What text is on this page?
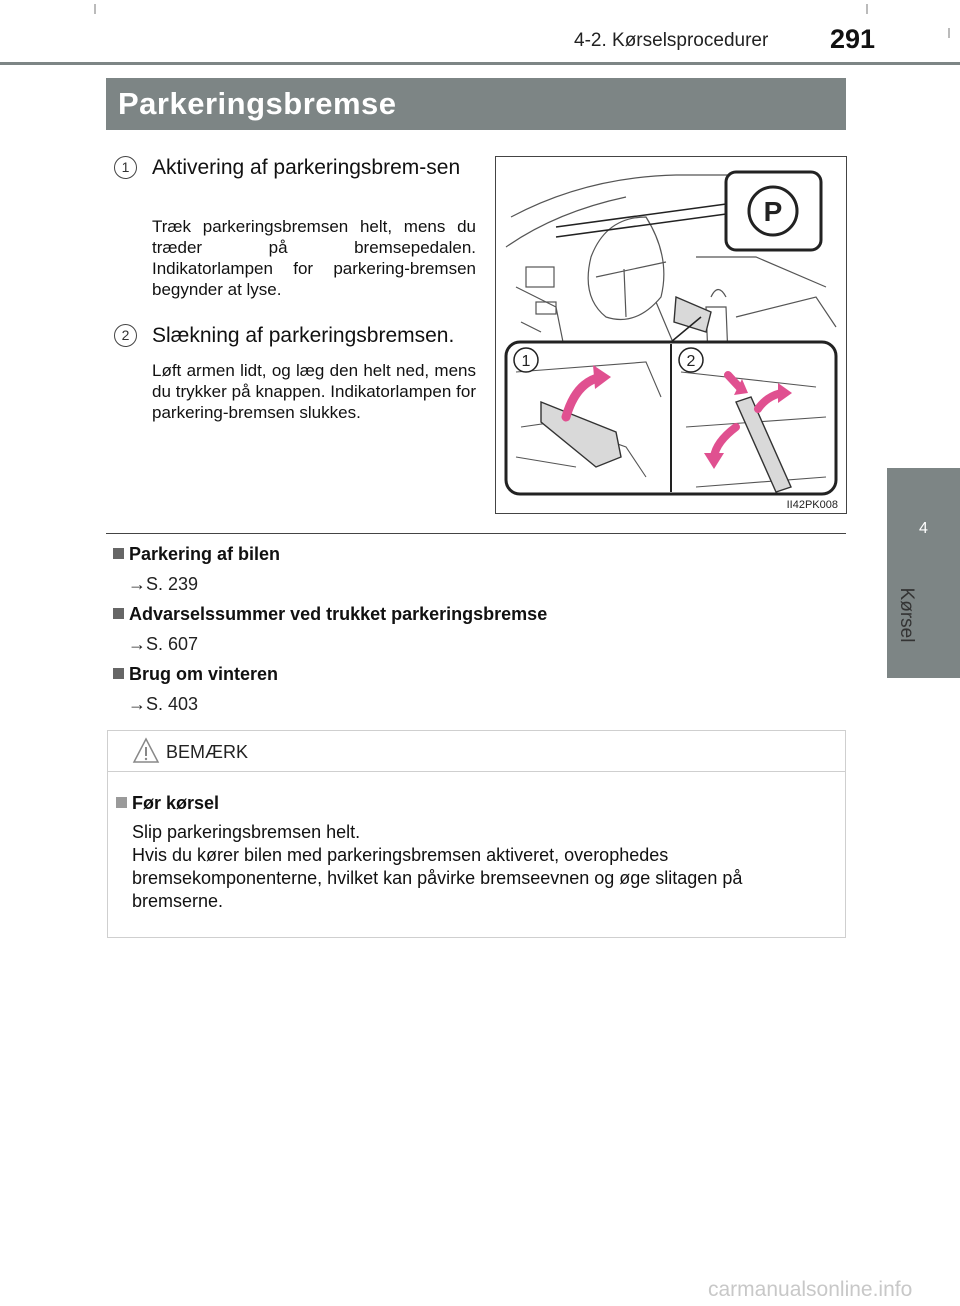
4-2. Kørselsprocedurer 291
4
Kørsel
Parkeringsbremse
1	Aktivering af parkeringsbrem-sen
Træk parkeringsbremsen helt, mens du træder på bremsepedalen. Indikatorlampen for parkering-bremsen begynder at lyse.
2	Slækning af parkeringsbremsen.
Løft armen lidt, og læg den helt ned, mens du trykker på knappen. Indikatorlampen for parkering-bremsen slukkes.
P
1	2
II42PK008
Parkering af bilen
→S. 239
Advarselssummer ved trukket parkeringsbremse
→S. 607
Brug om vinteren
→S. 403
BEMÆRK
Før kørsel

Slip parkeringsbremsen helt.

Hvis du kører bilen med parkeringsbremsen aktiveret, overophedes bremsekomponenterne, hvilket kan påvirke bremseevnen og øge slitagen på bremserne.

carmanualsonline.info
